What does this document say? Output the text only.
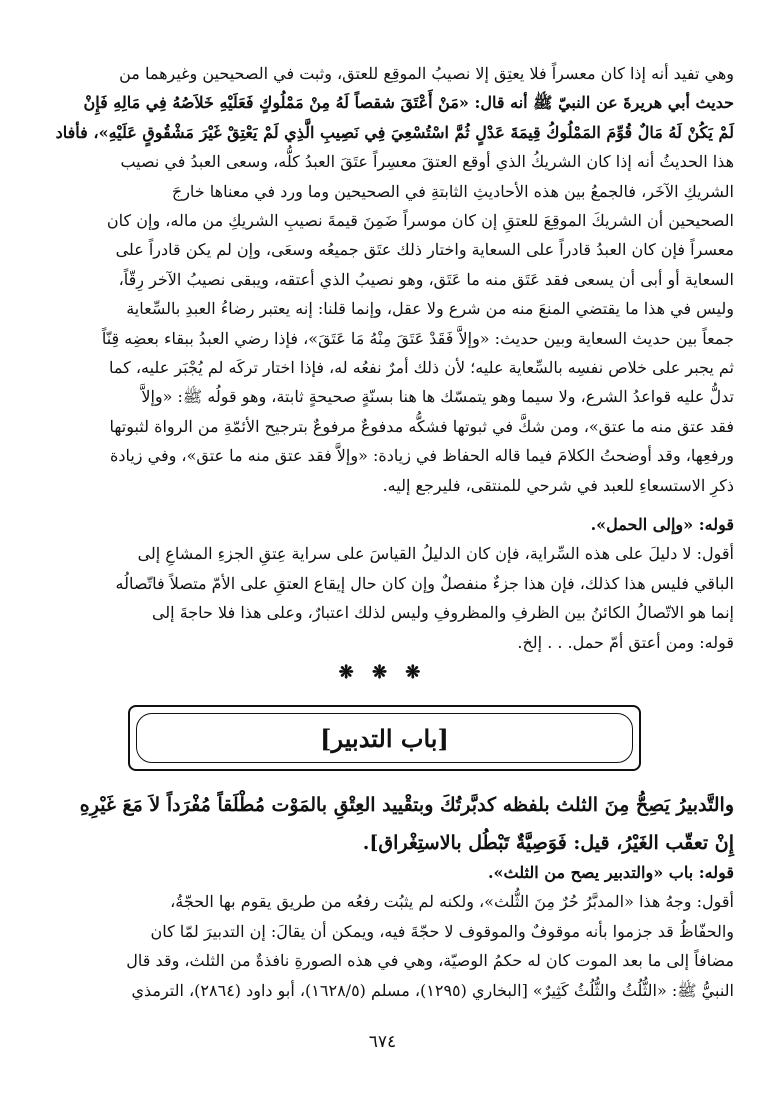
وهي تفيد أنه إذا كان معسراً فلا يعتِق إلا نصيبُ الموقِع للعتق، وثبت في الصحيحين وغيرهما من

حديث أبي هريرةَ عن النبيّ ﷺ أنه قال: «مَنْ أَعْتَقَ شقصاً لَهُ مِنْ مَمْلُوكٍ فَعَلَيْهِ خَلاَصُهُ فِي مَالِهِ فَإِنْ

لَمْ يَكُنْ لَهُ مَالٌ قُوِّمَ المَمْلُوكُ قِيمَةَ عَدْلٍ ثُمَّ اسْتُسْعِيَ فِي نَصِيبِ الَّذِي لَمْ يَعْتِقْ غَيْرَ مَشْقُوقٍ عَلَيْهِ»، فأفاد

هذا الحديثُ أنه إذا كان الشريكُ الذي أوقع العتقَ معسِراً عتَقَ العبدُ كلُّه، وسعى العبدُ في نصيب

الشريكِ الآخَر، فالجمعُ بين هذه الأحاديثِ الثابتةِ في الصحيحين وما ورد في معناها خارجَ

الصحيحين أن الشريكَ الموقِعَ للعتقِ إن كان موسراً ضَمِنَ قيمةَ نصيبِ الشريكِ من ماله، وإن كان

معسراً فإن كان العبدُ قادراً على السعاية واختار ذلك عتَق جميعُه وسعَى، وإن لم يكن قادراً على

السعاية أو أبى أن يسعى فقد عَتَق منه ما عَتَق، وهو نصيبُ الذي أعتقه، ويبقى نصيبُ الآخر رِقّاً،

وليس في هذا ما يقتضي المنعَ منه من شرع ولا عقل، وإنما قلنا: إنه يعتبر رضاءُ العبدِ بالسِّعاية

جمعاً بين حديث السعاية وبين حديث: «وإلاَّ فَقَدْ عَتَقَ مِنْهُ مَا عَتَقَ»، فإذا رضي العبدُ ببقاء بعضِه قِنّاً

ثم يجبر على خلاص نفسِه بالسِّعاية عليه؛ لأن ذلك أمرٌ نفعُه له، فإذا اختار تركَه لم يُجْبَر عليه، كما

تدلُّ عليه قواعدُ الشرع، ولا سيما وهو يتمسّك ها هنا بسنّةٍ صحيحةٍ ثابتة، وهو قولُه ﷺ: «وإلاَّ

فقد عتق منه ما عتق»، ومن شكَّ في ثبوتها فشكُّه مدفوعٌ مرفوعٌ بترجيح الأئمّةِ من الرواة لثبوتها

ورفعِها، وقد أوضحتُ الكلامَ فيما قاله الحفاظ في زيادة: «وإلاَّ فقد عتق منه ما عتق»، وفي زيادة

ذكرِ الاستسعاءِ للعبد في شرحي للمنتقى، فليرجع إليه.

قوله: «وإلى الحمل».

أقول: لا دليلَ على هذه السِّراية، فإن كان الدليلُ القياسَ على سراية عِتقِ الجزءِ المشاعِ إلى

الباقي فليس هذا كذلك، فإن هذا جزءٌ منفصلٌ وإن كان حال إيقاع العتقِ على الأمّ متصلاً فاتّصالُه

إنما هو الاتّصالُ الكائنُ بين الظرفِ والمظروفِ وليس لذلك اعتبارٌ، وعلى هذا فلا حاجةَ إلى

قوله: ومن أعتق أمّ حمل. . . إلخ.

❋ ❋ ❋
[باب التدبير]

والتَّدبيرُ يَصِحُّ مِنَ الثلث بلفظه كدبَّرتُكَ وبتقْييد العِتْقِ بالمَوْت مُطْلَقاً مُفْرَداً لاَ مَعَ غَيْرِهِ

إِنْ تعقّب الغَيْرُ، قيل: فَوَصِيَّةٌ تَبْطُل بالاستِغْراق].

قوله: باب «والتدبير يصح من الثلث».

أقول: وجهُ هذا «المدبَّرُ حُرٌ مِنَ الثُّلث»، ولكنه لم يثبُت رفعُه من طريق يقوم بها الحجّةُ،

والحفّاظُ قد جزموا بأنه موقوفٌ والموقوف لا حجّةَ فيه، ويمكن أن يقالَ: إن التدبيرَ لمّا كان

مضافاً إلى ما بعد الموت كان له حكمُ الوصيّة، وهي في هذه الصورةِ نافذةٌ من الثلث، وقد قال

النبيُّ ﷺ: «الثُّلُثُ والثُّلُثُ كَثِيرٌ» [البخاري (١٢٩٥)، مسلم (١٦٢٨/٥)، أبو داود (٢٨٦٤)، الترمذي

٦٧٤
